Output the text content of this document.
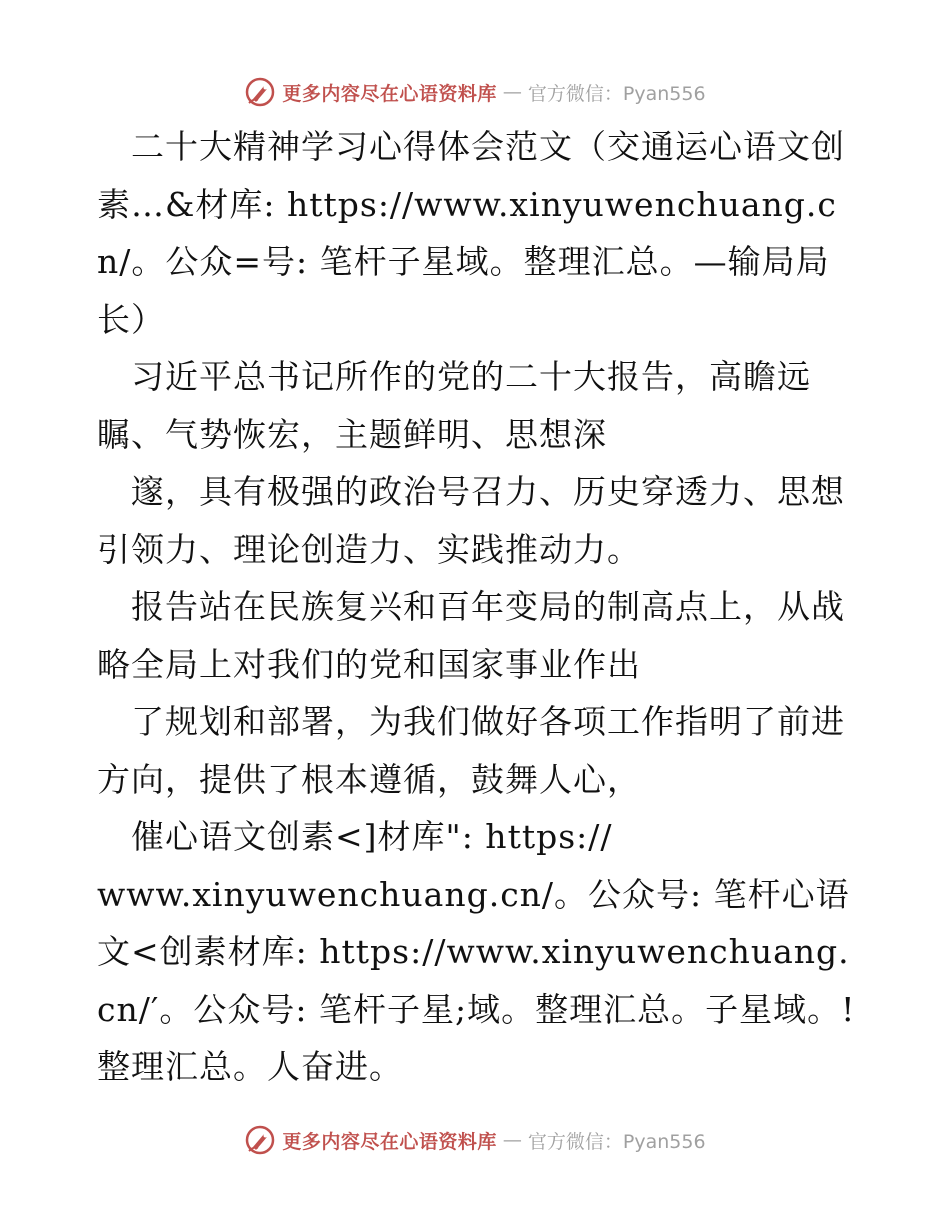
更多内容尽在心语资料库 — 官方微信：Pyan556

　二十大精神学习心得体会范文（交通运心语文创素…&材库: https://www.xinyuwenchuang.cn/。公众=号: 笔杆子星域。整理汇总。—输局局长）

　习近平总书记所作的党的二十大报告，高瞻远瞩、气势恢宏，主题鲜明、思想深

　邃，具有极强的政治号召力、历史穿透力、思想引领力、理论创造力、实践推动力。

　报告站在民族复兴和百年变局的制高点上，从战略全局上对我们的党和国家事业作出

　了规划和部署，为我们做好各项工作指明了前进方向，提供了根本遵循，鼓舞人心，

　催心语文创素<]材库": https://
www.xinyuwenchuang.cn/。公众号: 笔杆心语文<创素材库: https://www.xinyuwenchuang.cn/′。公众号: 笔杆子星;域。整理汇总。子星域。! 整理汇总。人奋进。

更多内容尽在心语资料库 — 官方微信：Pyan556
